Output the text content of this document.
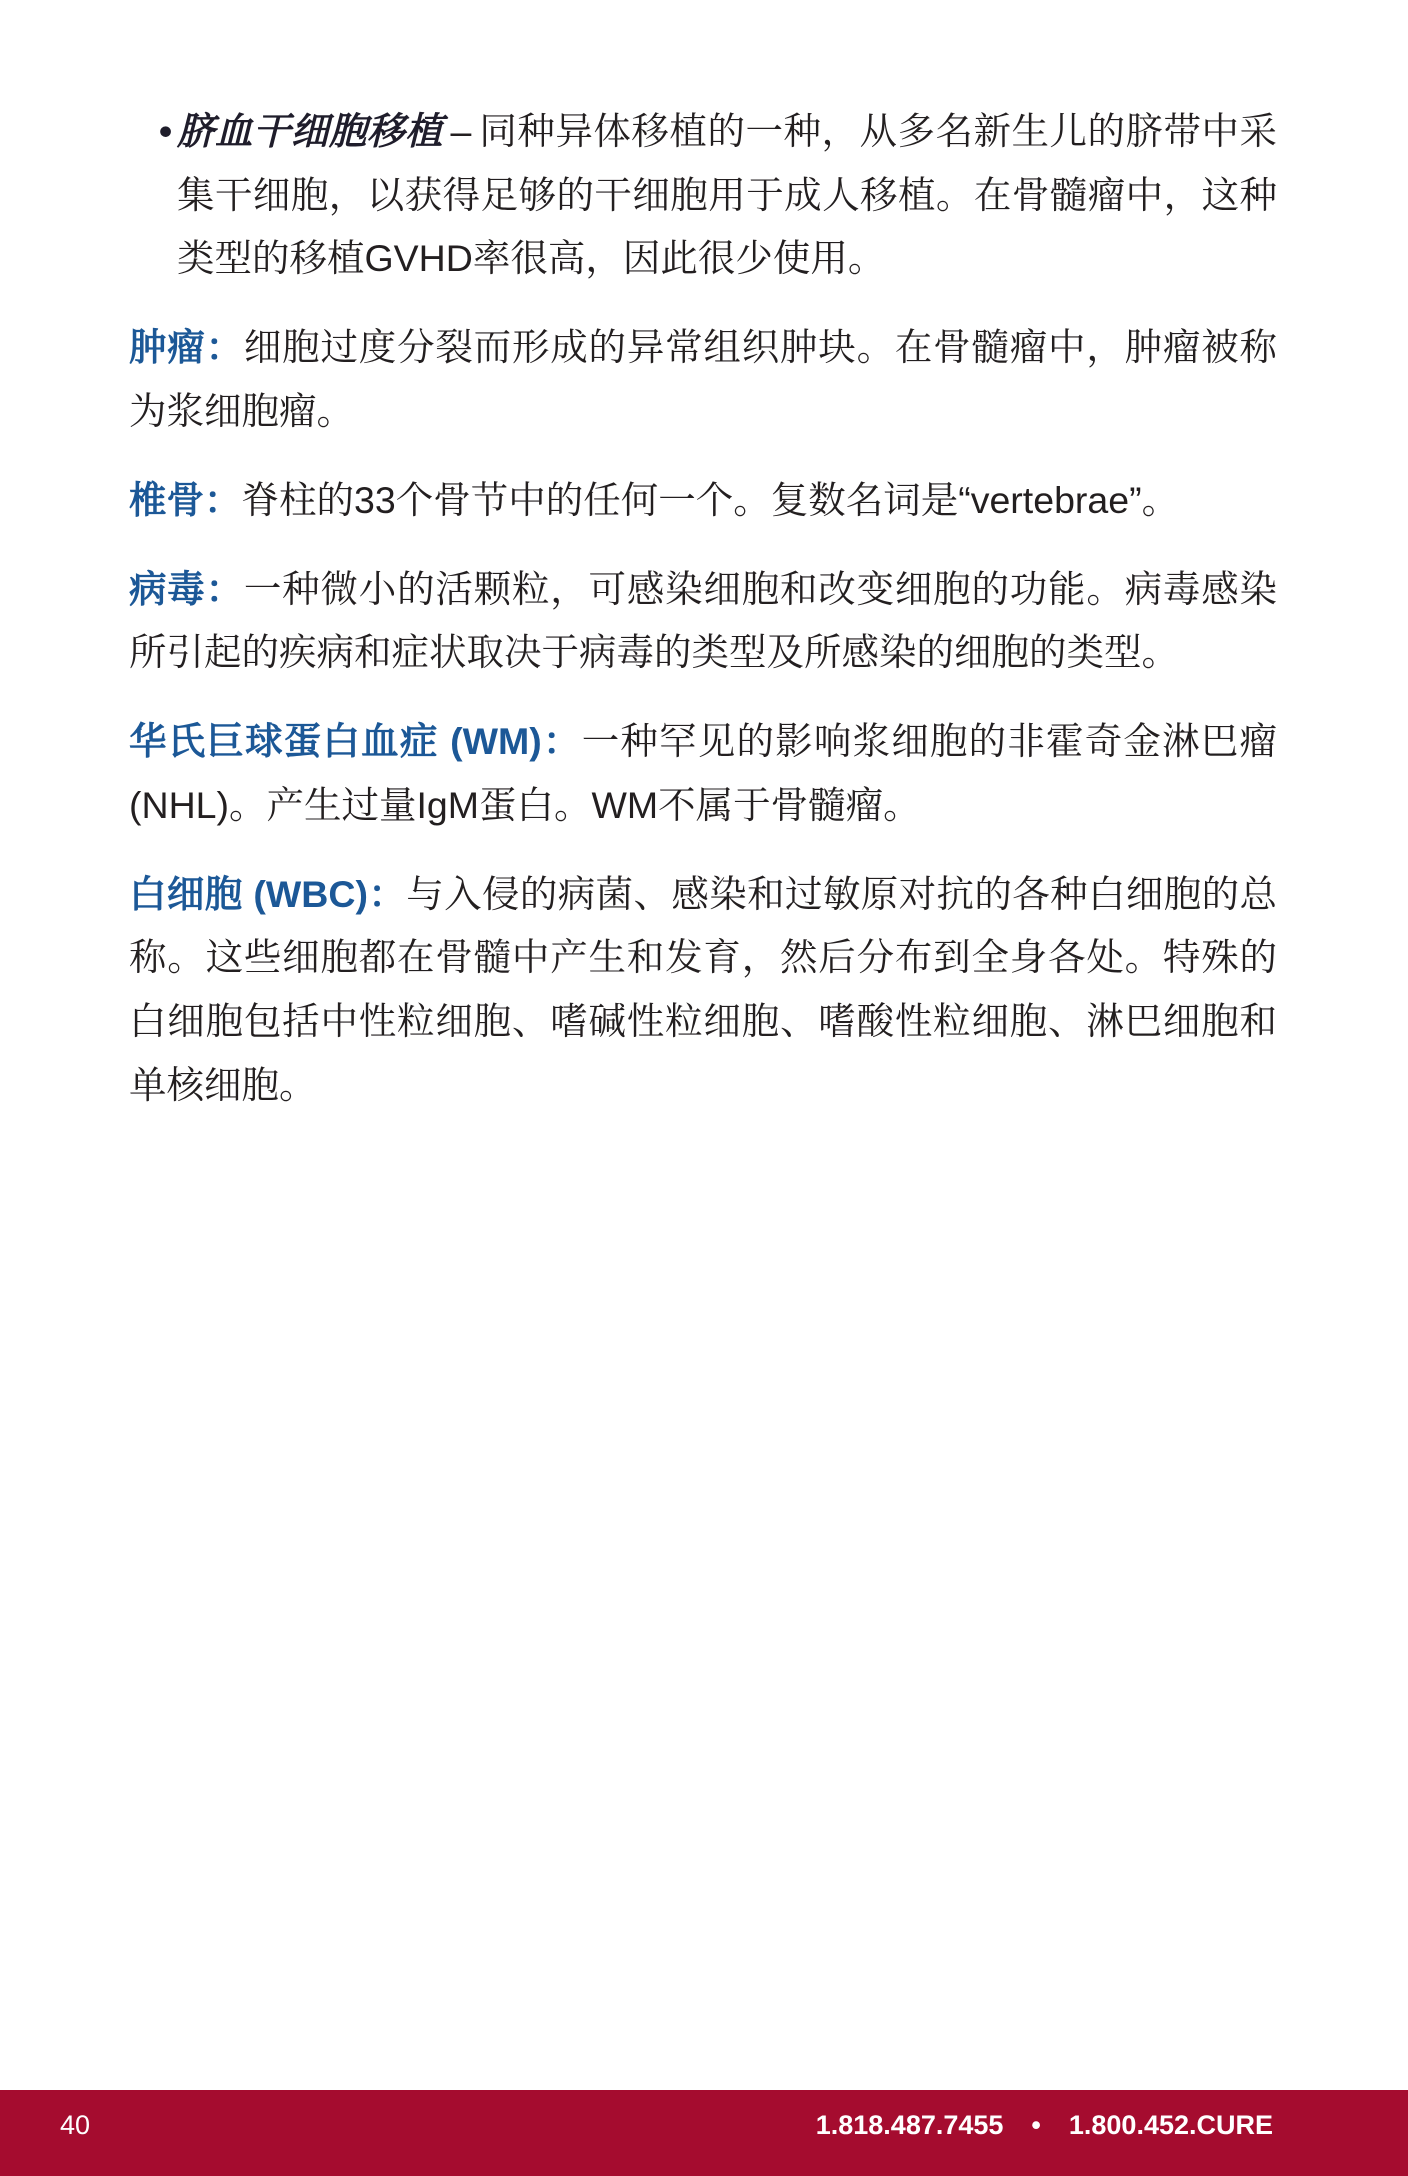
• 脐血干细胞移植 – 同种异体移植的一种，从多名新生儿的脐带中采集干细胞，以获得足够的干细胞用于成人移植。在骨髓瘤中，这种类型的移植GVHD率很高，因此很少使用。

肿瘤：细胞过度分裂而形成的异常组织肿块。在骨髓瘤中，肿瘤被称为浆细胞瘤。

椎骨：脊柱的33个骨节中的任何一个。复数名词是“vertebrae”。

病毒：一种微小的活颗粒，可感染细胞和改变细胞的功能。病毒感染所引起的疾病和症状取决于病毒的类型及所感染的细胞的类型。

华氏巨球蛋白血症 (WM)：一种罕见的影响浆细胞的非霍奇金淋巴瘤(NHL)。产生过量IgM蛋白。WM不属于骨髓瘤。

白细胞 (WBC)：与入侵的病菌、感染和过敏原对抗的各种白细胞的总称。这些细胞都在骨髓中产生和发育，然后分布到全身各处。特殊的白细胞包括中性粒细胞、嗜碱性粒细胞、嗜酸性粒细胞、淋巴细胞和单核细胞。

40	1.818.487.7455 • 1.800.452.CURE
